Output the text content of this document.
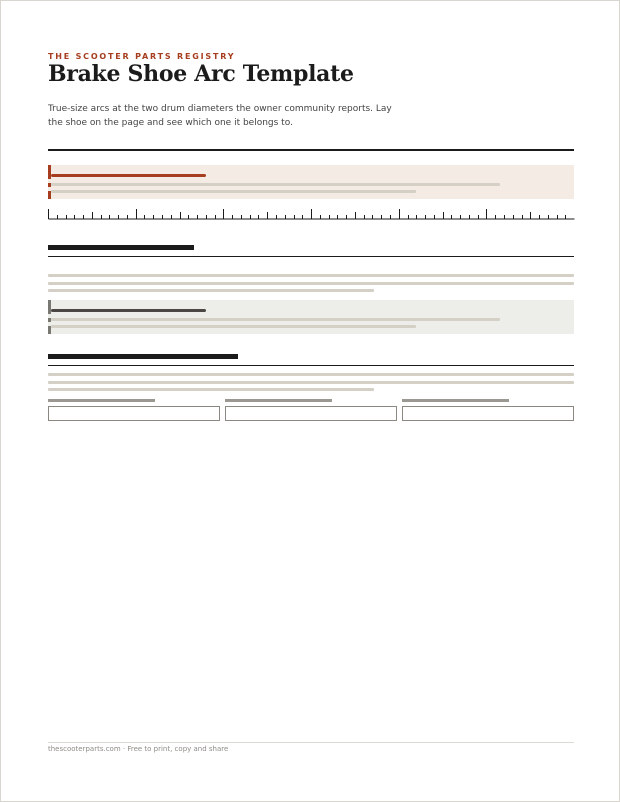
THE SCOOTER PARTS REGISTRY
Brake Shoe Arc Template
True-size arcs at the two drum diameters the owner community reports. Lay the shoe on the page and see which one it belongs to.
thescooterparts.com · Free to print, copy and share
